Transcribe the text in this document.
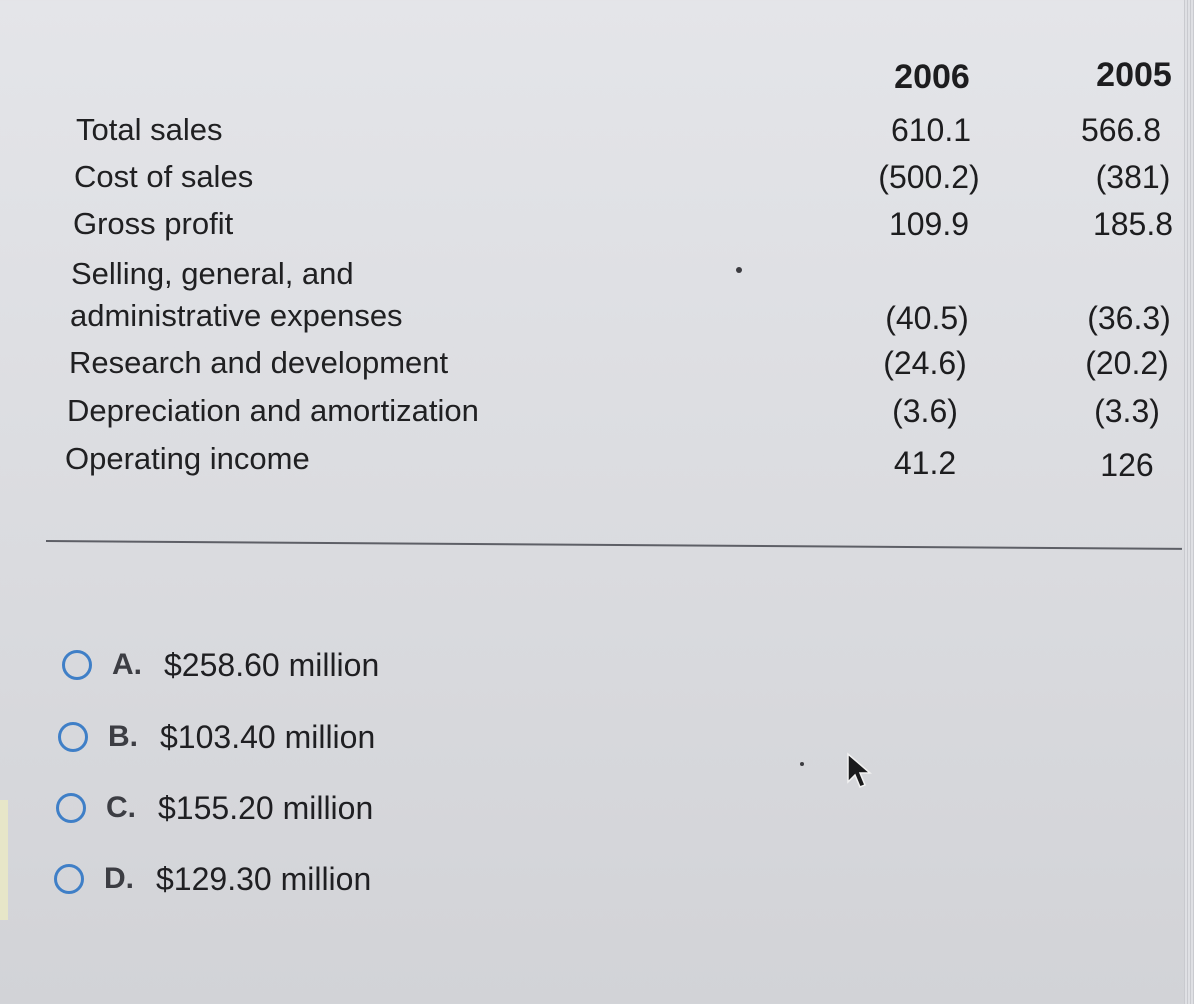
2006	2005
Total sales	610.1	566.8
Cost of sales	(500.2)	(381)
Gross profit	109.9	185.8
Selling, general, and
administrative expenses	(40.5)	(36.3)
Research and development	(24.6)	(20.2)
Depreciation and amortization	(3.6)	(3.3)
Operating income	41.2	126
A. $258.60 million
B. $103.40 million
C. $155.20 million
D. $129.30 million
